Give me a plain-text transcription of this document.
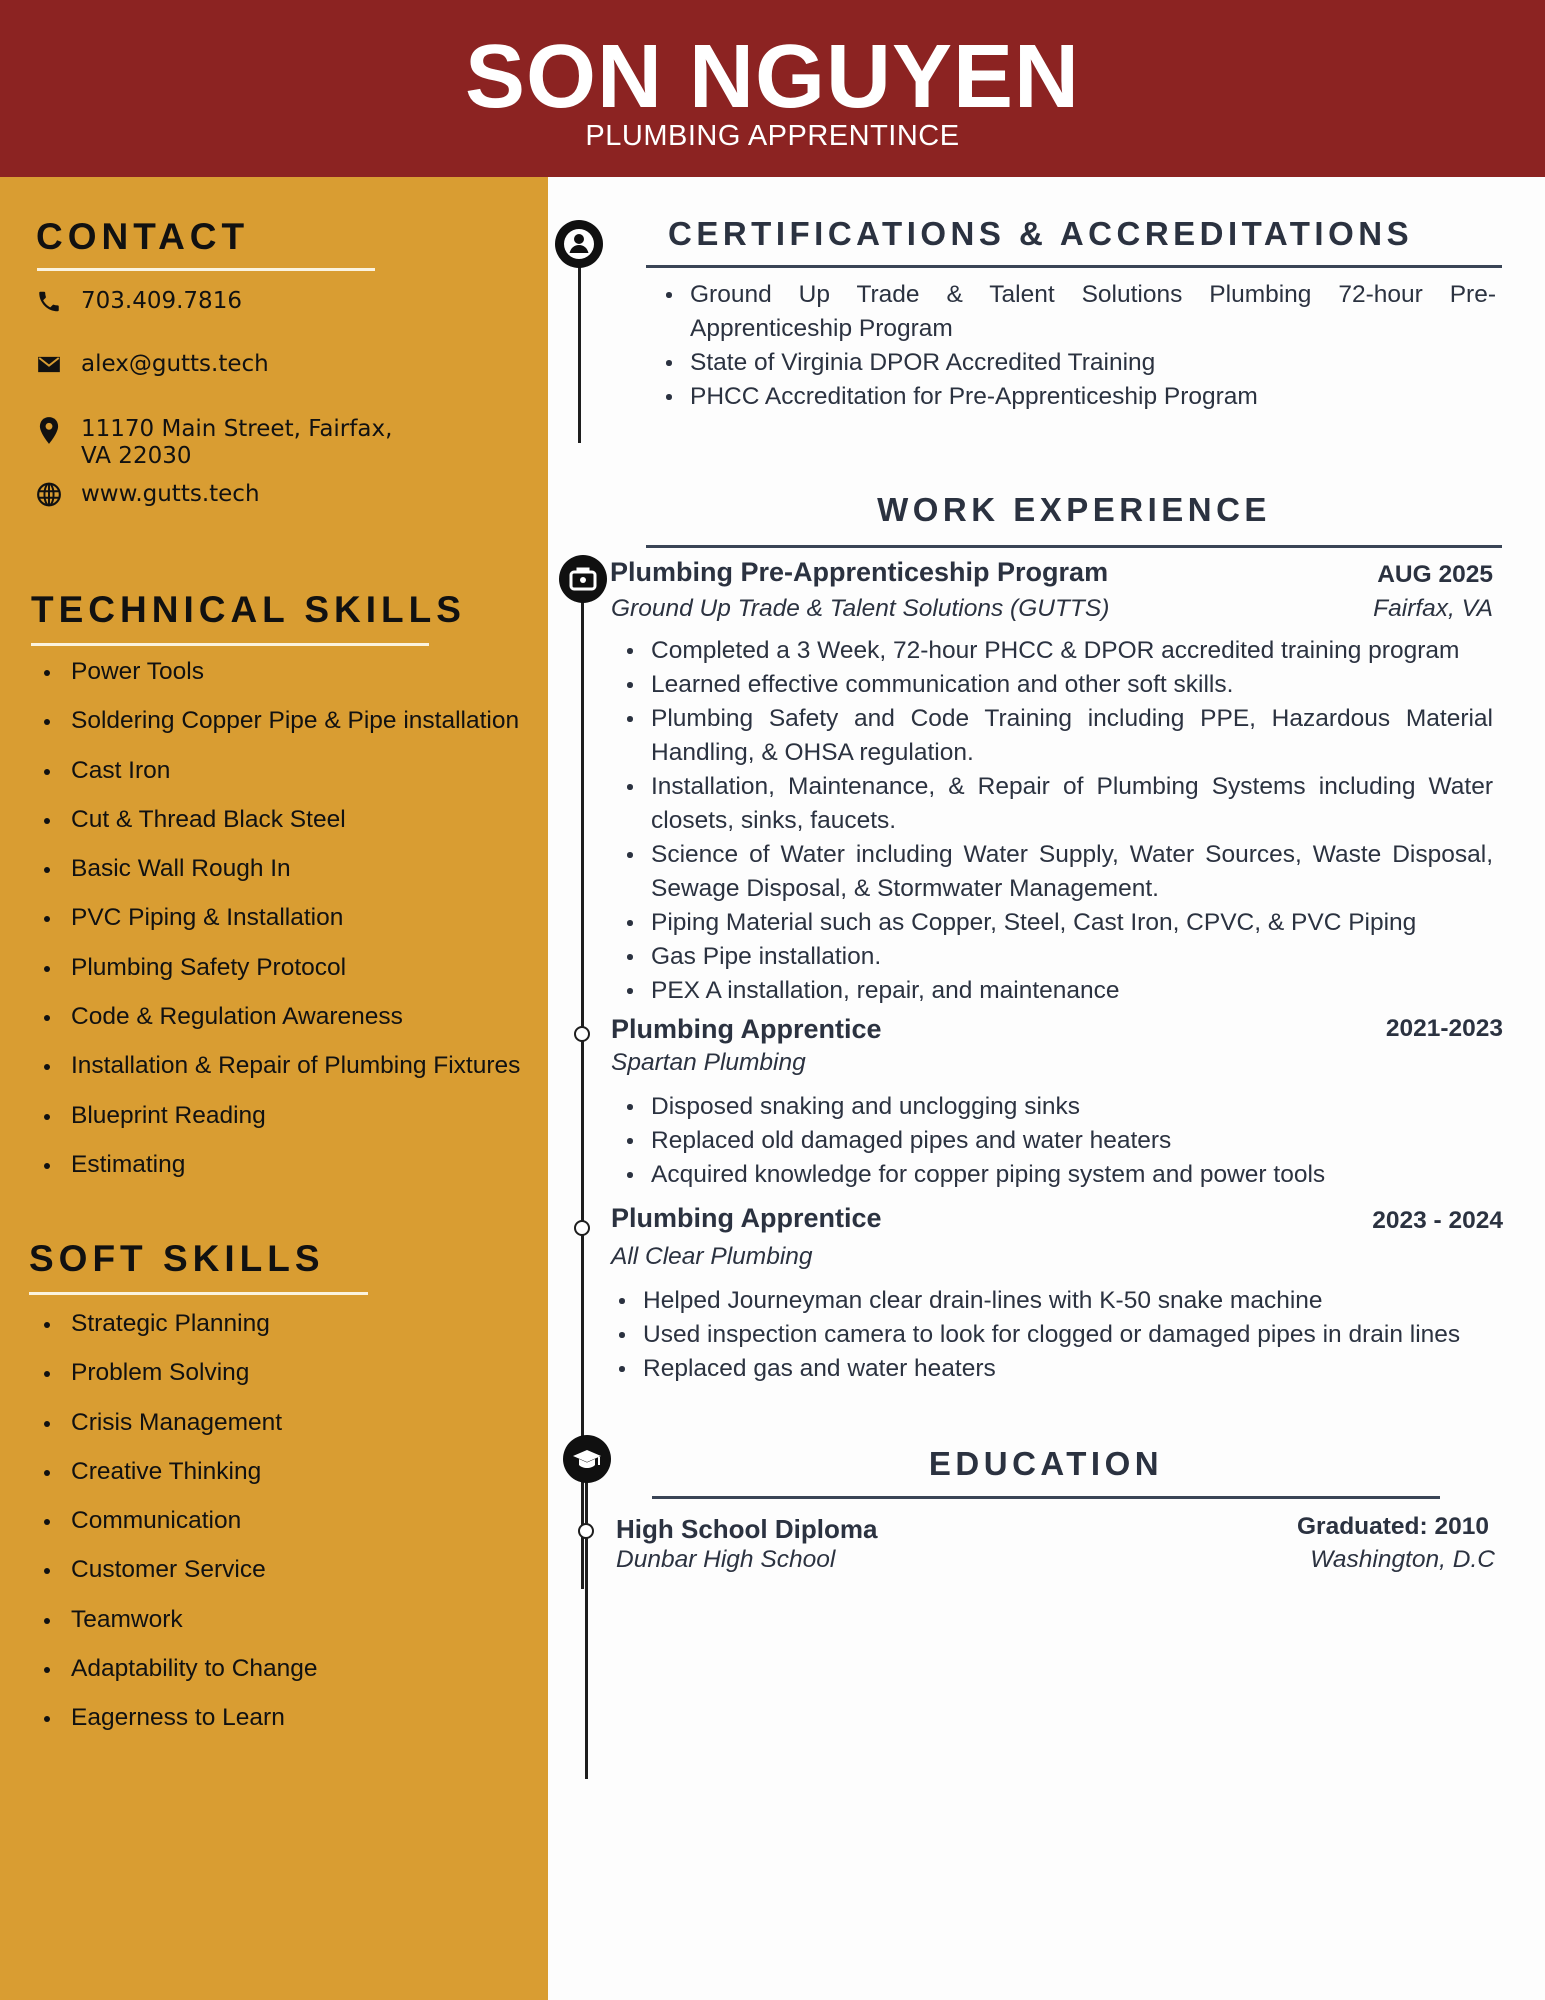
SON NGUYEN
PLUMBING APPRENTINCE
CONTACT
703.409.7816
alex@gutts.tech
11170 Main Street, Fairfax,
VA 22030
www.gutts.tech
TECHNICAL SKILLS
Power Tools
Soldering Copper Pipe & Pipe installation
Cast Iron
Cut & Thread Black Steel
Basic Wall Rough In
PVC Piping & Installation
Plumbing Safety Protocol
Code & Regulation Awareness
Installation & Repair of Plumbing Fixtures
Blueprint Reading
Estimating
SOFT SKILLS
Strategic Planning
Problem Solving
Crisis Management
Creative Thinking
Communication
Customer Service
Teamwork
Adaptability to Change
Eagerness to Learn
CERTIFICATIONS & ACCREDITATIONS
Ground Up Trade & Talent Solutions Plumbing 72-hour Pre-Apprenticeship Program
State of Virginia DPOR Accredited Training
PHCC Accreditation for Pre-Apprenticeship Program
WORK EXPERIENCE
Plumbing Pre-Apprenticeship Program	AUG 2025
Ground Up Trade & Talent Solutions (GUTTS)	Fairfax, VA
Completed a 3 Week, 72-hour PHCC & DPOR accredited training program
Learned effective communication and other soft skills.
Plumbing Safety and Code Training including PPE, Hazardous Material Handling, & OHSA regulation.
Installation, Maintenance, & Repair of Plumbing Systems including Water closets, sinks, faucets.
Science of Water including Water Supply, Water Sources, Waste Disposal, Sewage Disposal, & Stormwater Management.
Piping Material such as Copper, Steel, Cast Iron, CPVC, & PVC Piping
Gas Pipe installation.
PEX A installation, repair, and maintenance
Plumbing Apprentice	2021-2023
Spartan Plumbing
Disposed snaking and unclogging sinks
Replaced old damaged pipes and water heaters
Acquired knowledge for copper piping system and power tools
Plumbing Apprentice	2023 - 2024
All Clear Plumbing
Helped Journeyman clear drain-lines with K-50 snake machine
Used inspection camera to look for clogged or damaged pipes in drain lines
Replaced gas and water heaters
EDUCATION
High School Diploma	Graduated: 2010
Dunbar High School	Washington, D.C
